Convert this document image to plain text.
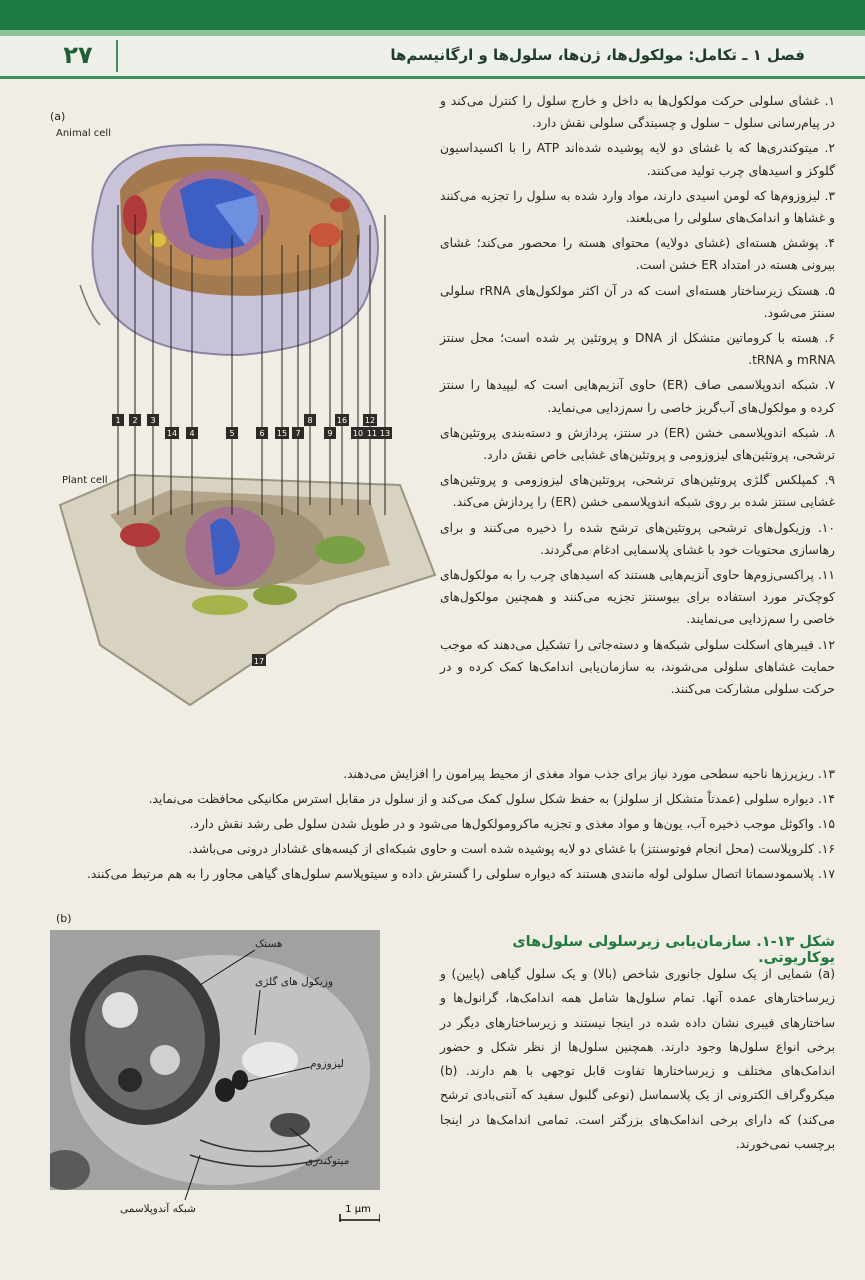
۲۷	فصل ۱ ـ تکامل: مولکول‌ها، ژن‌ها، سلول‌ها و ارگانیسم‌ها
(a)
Animal cell
Plant cell
17
1 2 3
14 4	5	6 15 7
8
9
16
10
12
11 13
۱. غشای سلولی حرکت مولکول‌ها به داخل و خارج سلول را کنترل می‌کند و در پیام‌رسانی سلول – سلول و چسبندگی سلولی نقش دارد.
۲. میتوکندری‌ها که با غشای دو لایه پوشیده شده‌اند ATP را با اکسیداسیون گلوکز و اسیدهای چرب تولید می‌کنند.
۳. لیزوزوم‌ها که لومن اسیدی دارند، مواد وارد شده به سلول را تجزیه می‌کنند و غشاها و اندامک‌های سلولی را می‌بلعند.
۴. پوشش هسته‌ای (غشای دولایه) محتوای هسته را محصور می‌کند؛ غشای بیرونی هسته در امتداد ER خشن است.
۵. هستک زیرساختار هسته‌ای است که در آن اکثر مولکول‌های rRNA سلولی سنتز می‌شود.
۶. هسته با کروماتین متشکل از DNA و پروتئین پر شده است؛ محل سنتز mRNA و tRNA.
۷. شبکه اندوپلاسمی صاف (ER) حاوی آنزیم‌هایی است که لیپیدها را سنتز کرده و مولکول‌های آب‌گریز خاصی را سم‌زدایی می‌نماید.
۸. شبکه اندوپلاسمی خشن (ER) در سنتز، پردازش و دسته‌بندی پروتئین‌های ترشحی، پروتئین‌های لیزوزومی و پروتئین‌های غشایی خاص نقش دارد.
۹. کمپلکس گلژی پروتئین‌های ترشحی، پروتئین‌های لیزوزومی و پروتئین‌های غشایی سنتز شده بر روی شبکه اندوپلاسمی خشن (ER) را پردازش می‌کند.
۱۰. وزیکول‌های ترشحی پروتئین‌های ترشح شده را ذخیره می‌کنند و برای رهاسازی محتویات خود با غشای پلاسمایی ادغام می‌گردند.
۱۱. پراکسی‌زوم‌ها حاوی آنزیم‌هایی هستند که اسیدهای چرب را به مولکول‌های کوچک‌تر مورد استفاده برای بیوسنتز تجزیه می‌کنند و همچنین مولکول‌های خاصی را سم‌زدایی می‌نمایند.
۱۲. فیبرهای اسکلت سلولی شبکه‌ها و دسته‌جاتی را تشکیل می‌دهند که موجب حمایت غشاهای سلولی می‌شوند، به سازمان‌یابی اندامک‌ها کمک کرده و در حرکت سلولی مشارکت می‌کنند.
۱۳. ریزپرزها ناحیه سطحی مورد نیاز برای جذب مواد مغذی از محیط پیرامون را افزایش می‌دهند.
۱۴. دیواره سلولی (عمدتاً متشکل از سلولز) به حفظ شکل سلول کمک می‌کند و از سلول در مقابل استرس مکانیکی محافظت می‌نماید.
۱۵. واکوئل موجب ذخیره آب، یون‌ها و مواد مغذی و تجزیه ماکرومولکول‌ها می‌شود و در طویل شدن سلول طی رشد نقش دارد.
۱۶. کلروپلاست (محل انجام فوتوسنتز) با غشای دو لایه پوشیده شده است و حاوی شبکه‌ای از کیسه‌های غشادار درونی می‌باشد.
۱۷. پلاسمودسماتا اتصال سلولی لوله مانندی هستند که دیواره سلولی را گسترش داده و سیتوپلاسم سلول‌های گیاهی مجاور را به هم مرتبط می‌کنند.
(b)
1 μm
هستک
وزیکول های گلژی
لیزوزوم
میتوکندری
شبکه آندوپلاسمی
شکل ۱۳-۱. سازمان‌یابی زیرسلولی سلول‌های یوکاریوتی.
(a) شمایی از یک سلول جانوری شاخص (بالا) و یک سلول گیاهی (پایین) و زیرساختارهای عمده آنها. تمام سلول‌ها شامل همه اندامک‌ها، گرانول‌ها و ساختارهای فیبری نشان داده شده در اینجا نیستند و زیرساختارهای دیگر در برخی انواع سلول‌ها وجود دارند. همچنین سلول‌ها از نظر شکل و حضور اندامک‌های مختلف و زیرساختارها تفاوت قابل توجهی با هم دارند. (b) میکروگراف الکترونی از یک پلاسماسل (نوعی گلبول سفید که آنتی‌بادی ترشح می‌کند) که دارای برخی اندامک‌های بزرگتر است. تمامی اندامک‌ها در اینجا برچسب نمی‌خورند.
